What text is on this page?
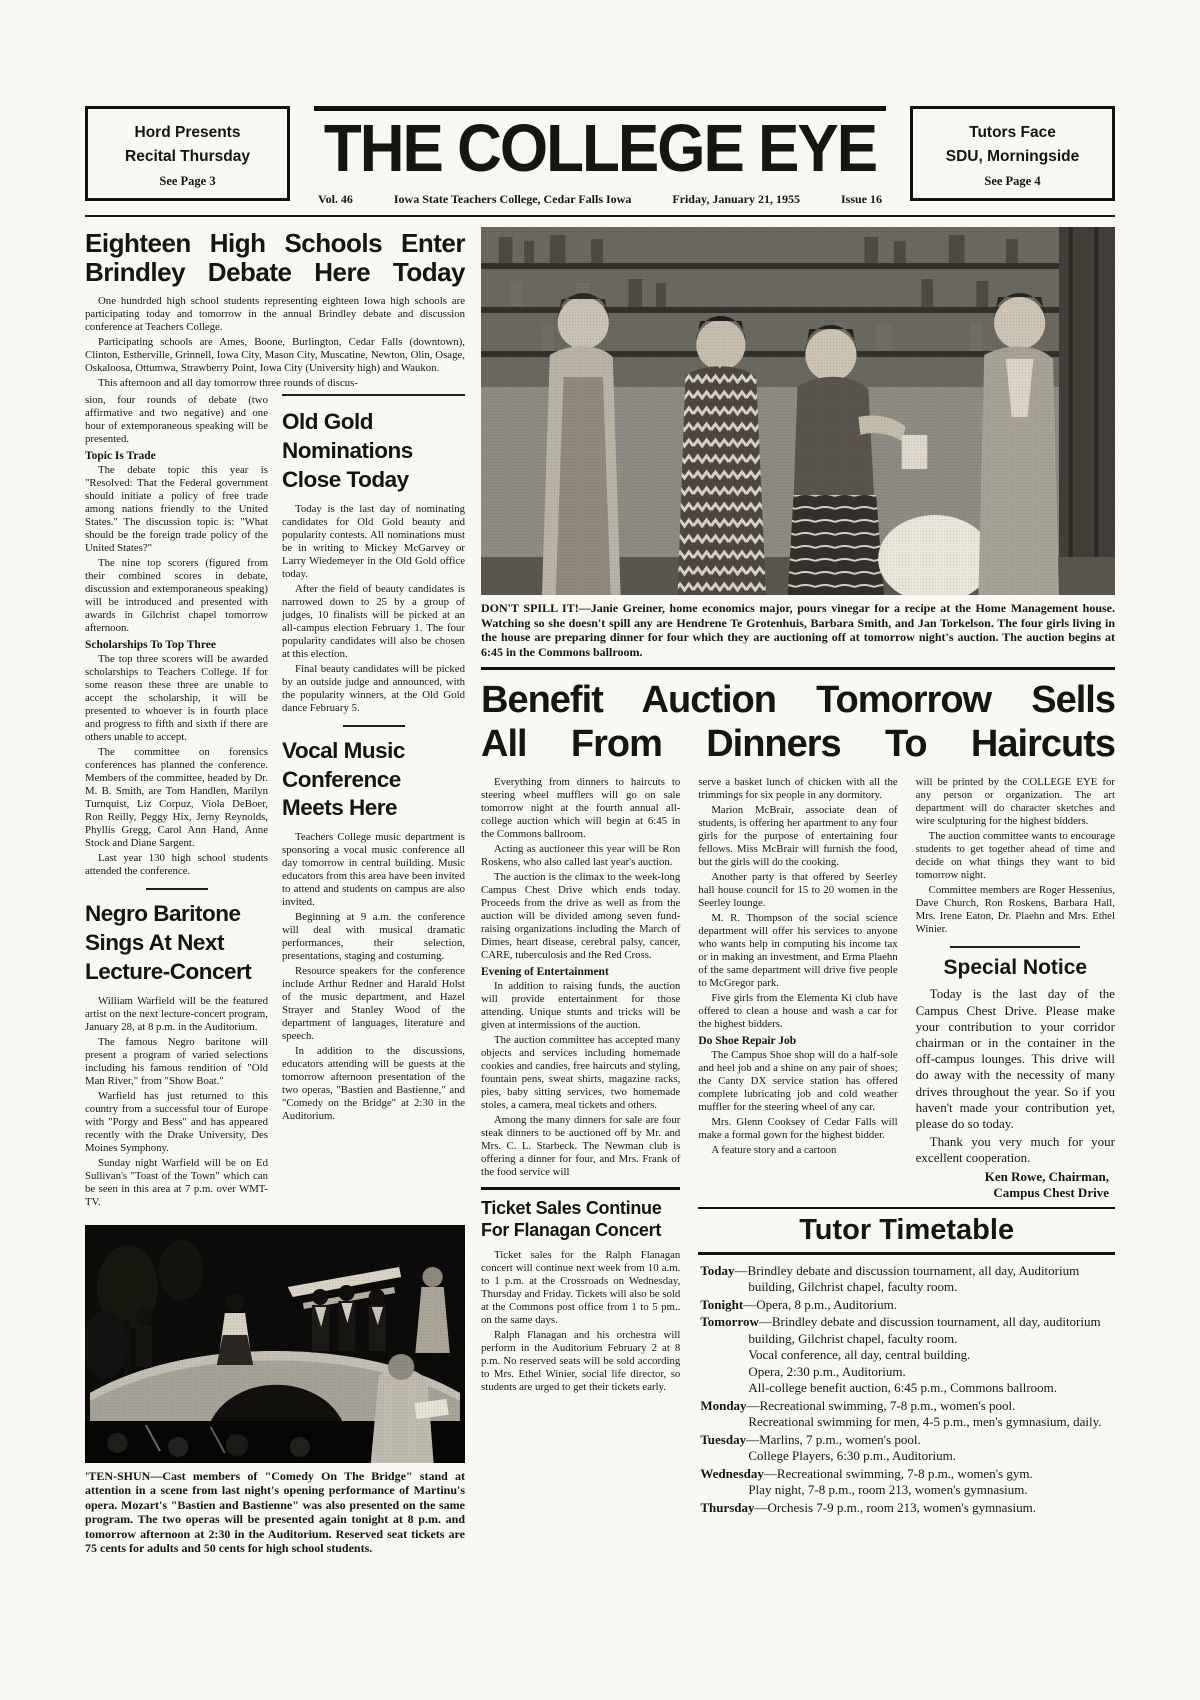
Hord Presents
Recital Thursday
See Page 3	THE COLLEGE EYE
Vol. 46	Iowa State Teachers College, Cedar Falls Iowa	Friday, January 21, 1955	Issue 16
Tutors Face
SDU, Morningside
See Page 4
Eighteen High Schools Enter Brindley Debate Here Today

One hundrded high school students representing eighteen Iowa high schools are participating today and tomorrow in the annual Brindley debate and discussion conference at Teachers College.

Participating schools are Ames, Boone, Burlington, Cedar Falls (downtown), Clinton, Estherville, Grinnell, Iowa City, Mason City, Muscatine, Newton, Olin, Osage, Oskaloosa, Ottumwa, Strawberry Point, Iowa City (University high) and Waukon.

This afternoon and all day tomorrow three rounds of discus-

sion, four rounds of debate (two affirmative and two negative) and one hour of extemporaneous speaking will be presented.

Topic Is Trade

The debate topic this year is "Resolved: That the Federal government should initiate a policy of free trade among nations friendly to the United States." The discussion topic is: "What should be the foreign trade policy of the United States?"

The nine top scorers (figured from their combined scores in debate, discussion and extemporaneous speaking) will be introduced and presented with awards in Gilchrist chapel tomorrow afternoon.

Scholarships To Top Three

The top three scorers will be awarded scholarships to Teachers College. If for some reason these three are unable to accept the scholarship, it will be presented to whoever is in fourth place and progress to fifth and sixth if there are others unable to accept.

The committee on forensics conferences has planned the conference. Members of the committee, headed by Dr. M. B. Smith, are Tom Handlen, Marilyn Turnquist, Liz Corpuz, Viola DeBoer, Ron Reilly, Peggy Hix, Jerny Reynolds, Phyllis Gregg, Carol Ann Hand, Anne Stock and Diane Sargent.

Last year 130 high school students attended the conference.

Negro Baritone Sings At Next Lecture-Concert

William Warfield will be the featured artist on the next lecture-concert program, January 28, at 8 p.m. in the Auditorium.

The famous Negro baritone will present a program of varied selections including his famous rendition of "Old Man River," from "Show Boat."

Warfield has just returned to this country from a successful tour of Europe with "Porgy and Bess" and has appeared recently with the Drake University, Des Moines Symphony.

Sunday night Warfield will be on Ed Sullivan's "Toast of the Town" which can be seen in this area at 7 p.m. over WMT-TV.

Old Gold Nominations Close Today

Today is the last day of nominating candidates for Old Gold beauty and popularity contests. All nominations must be in writing to Mickey McGarvey or Larry Wiedemeyer in the Old Gold office today.

After the field of beauty candidates is narrowed down to 25 by a group of judges, 10 finalists will be picked at an all-campus election February 1. The four popularity candidates will also be chosen at this election.

Final beauty candidates will be picked by an outside judge and announced, with the popularity winners, at the Old Gold dance February 5.

Vocal Music Conference Meets Here

Teachers College music department is sponsoring a vocal music conference all day tomorrow in central building. Music educators from this area have been invited to attend and students on campus are also invited.

Beginning at 9 a.m. the conference will deal with musical dramatic performances, their selection, presentations, staging and costuming.

Resource speakers for the conference include Arthur Redner and Harald Holst of the music department, and Hazel Strayer and Stanley Wood of the department of languages, literature and speech.

In addition to the discussions, educators attending will be guests at the tomorrow afternoon presentation of the two operas, "Bastien and Bastienne," and "Comedy on the Bridge" at 2:30 in the Auditorium.

'TEN-SHUN—Cast members of "Comedy On The Bridge" stand at attention in a scene from last night's opening performance of Martinu's opera. Mozart's "Bastien and Bastienne" was also presented on the same program. The two operas will be presented again tonight at 8 p.m. and tomorrow afternoon at 2:30 in the Auditorium. Reserved seat tickets are 75 cents for adults and 50 cents for high school students.

DON'T SPILL IT!—Janie Greiner, home economics major, pours vinegar for a recipe at the Home Management house. Watching so she doesn't spill any are Hendrene Te Grotenhuis, Barbara Smith, and Jan Torkelson. The four girls living in the house are preparing dinner for four which they are auctioning off at tomorrow night's auction. The auction begins at 6:45 in the Commons ballroom.

Benefit Auction Tomorrow Sells
All From Dinners To Haircuts

Everything from dinners to haircuts to steering wheel mufflers will go on sale tomorrow night at the fourth annual all-college auction which will begin at 6:45 in the Commons ballroom.

Acting as auctioneer this year will be Ron Roskens, who also called last year's auction.

The auction is the climax to the week-long Campus Chest Drive which ends today. Proceeds from the drive as well as from the auction will be divided among seven fund-raising organizations including the March of Dimes, heart disease, cerebral palsy, cancer, CARE, tuberculosis and the Red Cross.

Evening of Entertainment

In addition to raising funds, the auction will provide entertainment for those attending. Unique stunts and tricks will be given at intermissions of the auction.

The auction committee has accepted many objects and services including homemade cookies and candies, free haircuts and styling, fountain pens, sweat shirts, magazine racks, pies, baby sitting services, two homemade stoles, a camera, meal tickets and others.

Among the many dinners for sale are four steak dinners to be auctioned off by Mr. and Mrs. C. L. Starbeck. The Newman club is offering a dinner for four, and Mrs. Frank of the food service will

Ticket Sales Continue For Flanagan Concert

Ticket sales for the Ralph Flanagan concert will continue next week from 10 a.m. to 1 p.m. at the Crossroads on Wednesday, Thursday and Friday. Tickets will also be sold at the Commons post office from 1 to 5 pm.. on the same days.

Ralph Flanagan and his orchestra will perform in the Auditorium February 2 at 8 p.m. No reserved seats will be sold according to Mrs. Ethel Winier, social life director, so students are urged to get their tickets early.

serve a basket lunch of chicken with all the trimmings for six people in any dormitory.

Marion McBrair, associate dean of students, is offering her apartment to any four girls for the purpose of entertaining four fellows. Miss McBrair will furnish the food, but the girls will do the cooking.

Another party is that offered by Seerley hall house council for 15 to 20 women in the Seerley lounge.

M. R. Thompson of the social science department will offer his services to anyone who wants help in computing his income tax or in making an investment, and Erma Plaehn of the same department will drive five people to McGregor park.

Five girls from the Elementa Ki club have offered to clean a house and wash a car for the highest bidders.

Do Shoe Repair Job

The Campus Shoe shop will do a half-sole and heel job and a shine on any pair of shoes; the Canty DX service station has offered complete lubricating job and cold weather muffler for the steering wheel of any car.

Mrs. Glenn Cooksey of Cedar Falls will make a formal gown for the highest bidder.

A feature story and a cartoon

will be printed by the COLLEGE EYE for any person or organization. The art department will do character sketches and wire sculpturing for the highest bidders.

The auction committee wants to encourage students to get together ahead of time and decide on what things they want to bid tomorrow night.

Committee members are Roger Hessenius, Dave Church, Ron Roskens, Barbara Hall, Mrs. Irene Eaton, Dr. Plaehn and Mrs. Ethel Winier.

Special Notice

Today is the last day of the Campus Chest Drive. Please make your contribution to your corridor chairman or in the container in the off-campus lounges. This drive will do away with the necessity of many drives throughout the year. So if you haven't made your contribution yet, please do so today.

Thank you very much for your excellent cooperation.

Ken Rowe, Chairman,
Campus Chest Drive
Tutor Timetable
Today—Brindley debate and discussion tournament, all day, Auditorium building, Gilchrist chapel, faculty room.
Tonight—Opera, 8 p.m., Auditorium.
Tomorrow—Brindley debate and discussion tournament, all day, auditorium building, Gilchrist chapel, faculty room.
Vocal conference, all day, central building.
Opera, 2:30 p.m., Auditorium.
All-college benefit auction, 6:45 p.m., Commons ballroom.
Monday—Recreational swimming, 7-8 p.m., women's pool.
Recreational swimming for men, 4-5 p.m., men's gymnasium, daily.
Tuesday—Marlins, 7 p.m., women's pool.
College Players, 6:30 p.m., Auditorium.
Wednesday—Recreational swimming, 7-8 p.m., women's gym.
Play night, 7-8 p.m., room 213, women's gymnasium.
Thursday—Orchesis 7-9 p.m., room 213, women's gymnasium.
